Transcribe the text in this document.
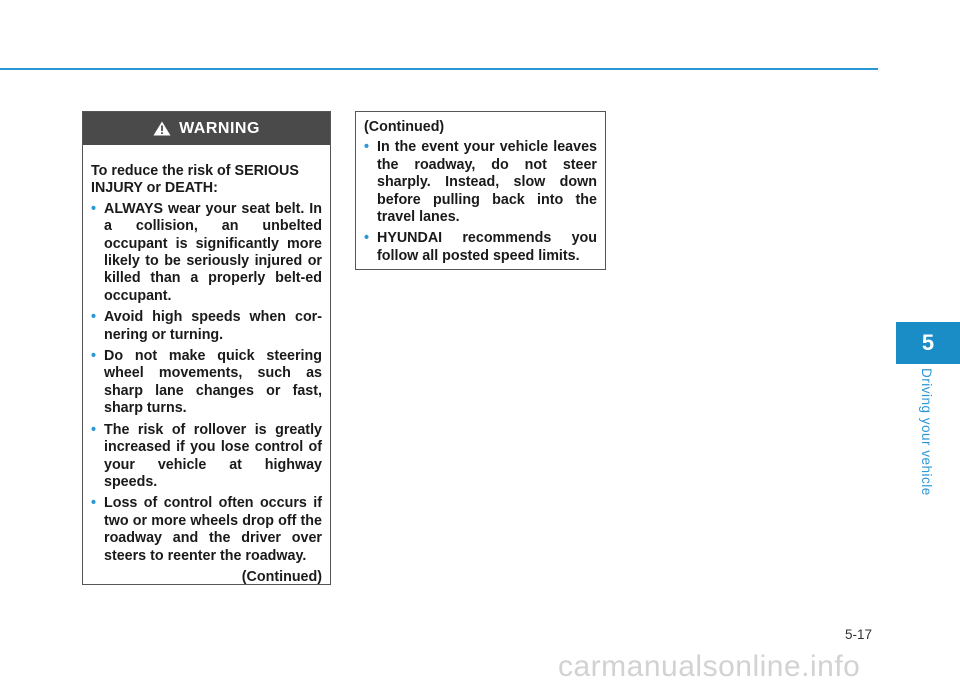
WARNING

To reduce the risk of SERIOUS INJURY or DEATH:

• ALWAYS wear your seat belt. In a collision, an unbelted occupant is significantly more likely to be seriously injured or killed than a properly belt-ed occupant.
• Avoid high speeds when cor-nering or turning.
• Do not make quick steering wheel movements, such as sharp lane changes or fast, sharp turns.
• The risk of rollover is greatly increased if you lose control of your vehicle at highway speeds.
• Loss of control often occurs if two or more wheels drop off the roadway and the driver over steers to reenter the roadway.
(Continued)

(Continued)

• In the event your vehicle leaves the roadway, do not steer sharply. Instead, slow down before pulling back into the travel lanes.
• HYUNDAI recommends you follow all posted speed limits.
5
Driving your vehicle
5-17
carmanualsonline.info
